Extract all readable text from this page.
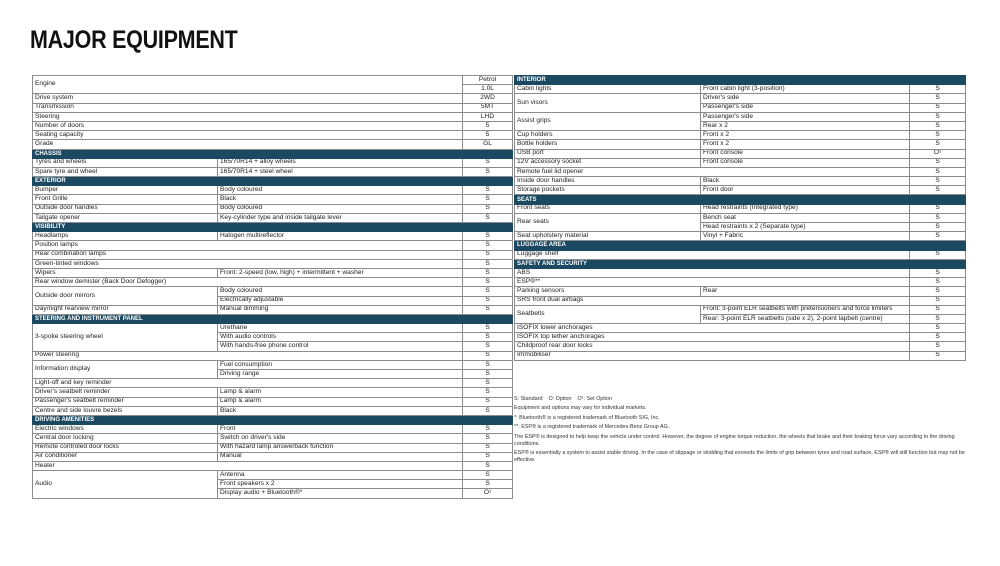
MAJOR EQUIPMENT
Engine		Petrol
		1.0L
Drive system		2WD
Transmission		5MT
Steering		LHD
Number of doors		5
Seating capacity		5
Grade		GL
CHASSIS		
Tyres and wheels	165/70R14 + alloy wheels	S
Spare tyre and wheel	165/70R14 + steel wheel	S
EXTERIOR		
Bumper	Body coloured	S
Front Grille	Black	S
Outside door handles	Body coloured	S
Tailgate opener	Key-cylinder type and inside tailgate lever	S
VISIBILITY		
Headlamps	Halogen multireflector	S
Position lamps		S
Rear combination lamps		S
Green-tinted windows		S
Wipers	Front: 2-speed (low, high) + intermittent + washer	S
Rear window demister (Back Door Defogger)		S
Outside door mirrors	Body coloured	S
	Electrically adjustable	S
Day/night rearview mirror	Manual dimming	S
STEERING AND INSTRUMENT PANEL		
3-spoke steering wheel	Urethane	S
	With audio controls	S
	With hands-free phone control	S
Power steering		S
Information display	Fuel consumption	S
	Driving range	S
Light-off and key reminder		S
Driver's seatbelt reminder	Lamp & alarm	S
Passenger's seatbelt reminder	Lamp & alarm	S
Centre and side louvre bezels	Black	S
DRIVING AMENITIES		
Electric windows	Front	S
Central door locking	Switch on driver's side	S
Remote controled door locks	With hazard lamp answerback function	S
Air conditioner	Manual	S
Heater		S
Audio	Antenna	S
	Front speakers x 2	S
	Display audio + Bluetooth®*	O¹
INTERIOR		
Cabin lights	Front cabin light (3-position)	S
Sun visors	Driver's side	S
	Passenger's side	S
Assist grips	Passenger's side	S
	Rear x 2	S
Cup holders	Front x 2	S
Bottle holders	Front x 2	S
USB port	Front console	O¹
12V accessory socket	Front console	S
Remote fuel lid opener		S
Inside door handles	Black	S
Storage pockets	Front door	S
SEATS		
Front seats	Head restraints (Integrated type)	S
Rear seats	Bench seat	S
	Head restraints x 2 (Separate type)	S
Seat upholstery material	Vinyl + Fabric	S
LUGGAGE AREA		
Luggage shelf		S
SAFETY AND SECURITY		
ABS		S
ESP®**		S
Parking sensors	Rear	S
SRS front dual airbags		S
Seatbelts	Front: 3-point ELR seatbelts with pretensioners and force limiters	S
	Rear: 3-point ELR seatbelts (side x 2), 2-point lapbelt (centre)	S
ISOFIX lower anchorages		S
ISOFIX top tether anchorages		S
Childproof rear door locks		S
Immobiliser		S

S: Standard    O: Option    O¹: Set Option

Equipment and options may vary for individual markets.

*: Bluetooth® is a registered trademark of Bluetooth SIG, Inc.

**: ESP® is a registered trademark of Mercedes-Benz Group AG.

The ESP® is designed to help keep the vehicle under control. However, the degree of engine torque reduction, the wheels that brake and their braking force vary according to the driving conditions.

ESP® is essentially a system to assist stable driving. In the case of slippage or skidding that exceeds the limits of grip between tyres and road surface, ESP® will still function but may not be effective.
